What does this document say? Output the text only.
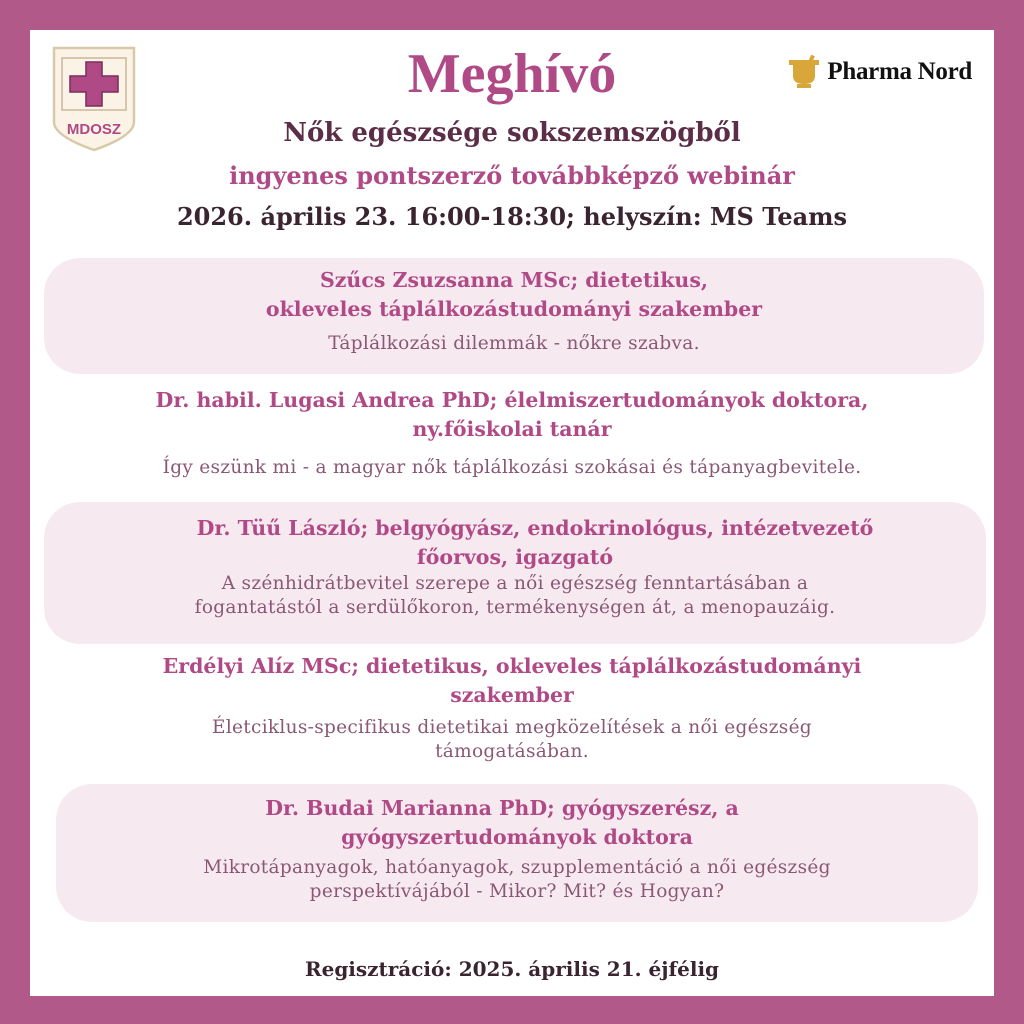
MDOSZ
Pharma Nord
Meghívó
Nők egészsége sokszemszögből
ingyenes pontszerző továbbképző webinár
2026. április 23. 16:00-18:30; helyszín: MS Teams
Szűcs Zsuzsanna MSc; dietetikus,
okleveles táplálkozástudományi szakember
Táplálkozási dilemmák - nőkre szabva.
Dr. habil. Lugasi Andrea PhD; élelmiszertudományok doktora,
ny.főiskolai tanár
Így eszünk mi - a magyar nők táplálkozási szokásai és tápanyagbevitele.
Dr. Tüű László; belgyógyász, endokrinológus, intézetvezető
főorvos, igazgató
A szénhidrátbevitel szerepe a női egészség fenntartásában a
fogantatástól a serdülőkoron, termékenységen át, a menopauzáig.
Erdélyi Alíz MSc; dietetikus, okleveles táplálkozástudományi
szakember
Életciklus-specifikus dietetikai megközelítések a női egészség
támogatásában.
Dr. Budai Marianna PhD; gyógyszerész, a
gyógyszertudományok doktora
Mikrotápanyagok, hatóanyagok, szupplementáció a női egészség
perspektívájából - Mikor? Mit? és Hogyan?
Regisztráció: 2025. április 21. éjfélig
